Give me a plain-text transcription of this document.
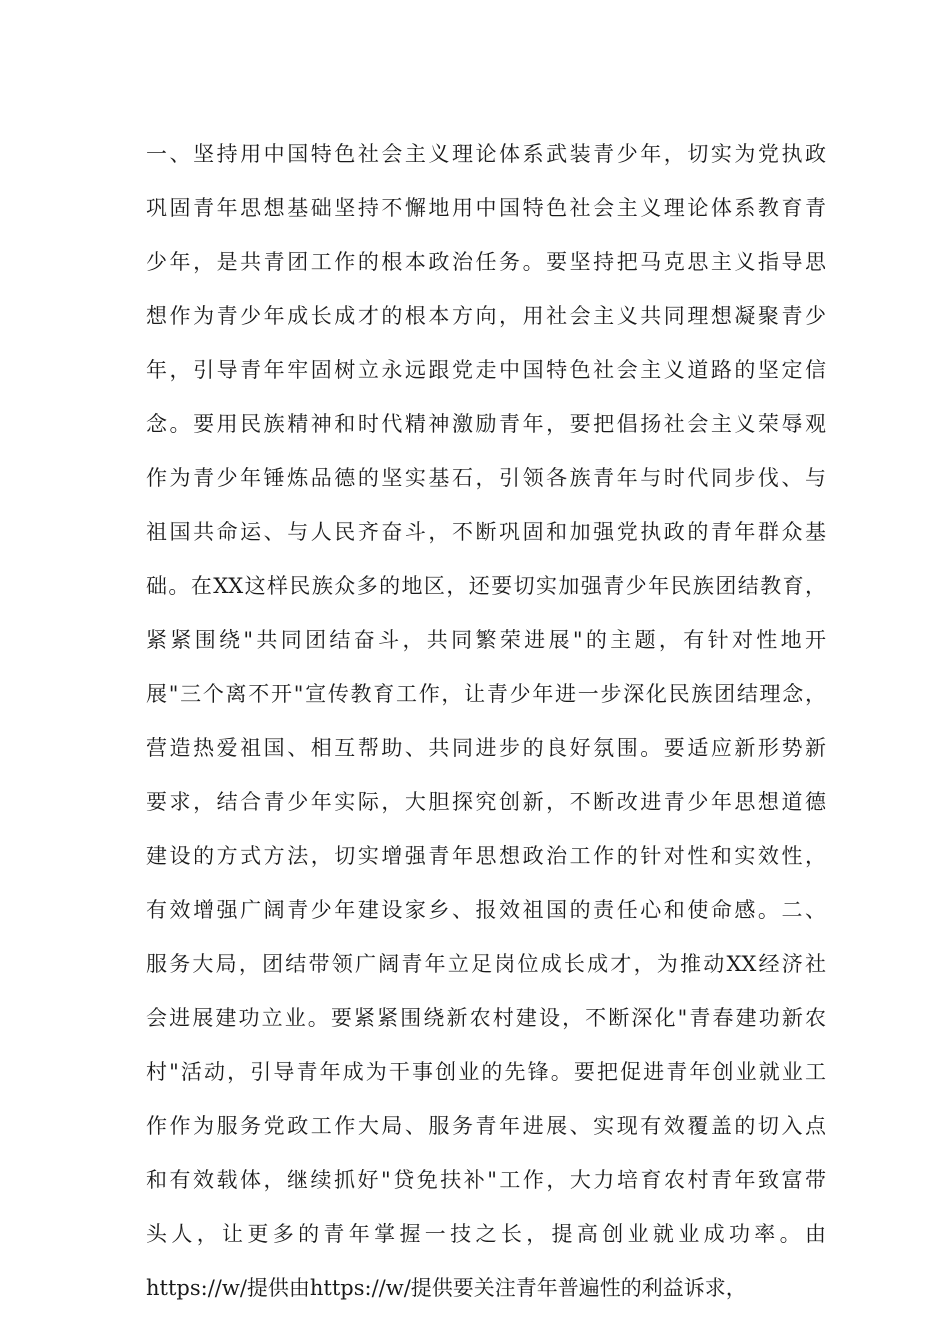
一、坚持用中国特色社会主义理论体系武装青少年，切实为党执政
巩固青年思想基础坚持不懈地用中国特色社会主义理论体系教育青
少年，是共青团工作的根本政治任务。要坚持把马克思主义指导思
想作为青少年成长成才的根本方向，用社会主义共同理想凝聚青少
年，引导青年牢固树立永远跟党走中国特色社会主义道路的坚定信
念。要用民族精神和时代精神激励青年，要把倡扬社会主义荣辱观
作为青少年锤炼品德的坚实基石，引领各族青年与时代同步伐、与
祖国共命运、与人民齐奋斗，不断巩固和加强党执政的青年群众基
础。在XX这样民族众多的地区，还要切实加强青少年民族团结教育，
紧紧围绕"共同团结奋斗，共同繁荣进展"的主题，有针对性地开
展"三个离不开"宣传教育工作，让青少年进一步深化民族团结理念，
营造热爱祖国、相互帮助、共同进步的良好氛围。要适应新形势新
要求，结合青少年实际，大胆探究创新，不断改进青少年思想道德
建设的方式方法，切实增强青年思想政治工作的针对性和实效性，
有效增强广阔青少年建设家乡、报效祖国的责任心和使命感。二、
服务大局，团结带领广阔青年立足岗位成长成才，为推动XX经济社
会进展建功立业。要紧紧围绕新农村建设，不断深化"青春建功新农
村"活动，引导青年成为干事创业的先锋。要把促进青年创业就业工
作作为服务党政工作大局、服务青年进展、实现有效覆盖的切入点
和有效载体，继续抓好"贷免扶补"工作，大力培育农村青年致富带
头人，让更多的青年掌握一技之长，提高创业就业成功率。由
https://w/提供由https://w/提供要关注青年普遍性的利益诉求，
